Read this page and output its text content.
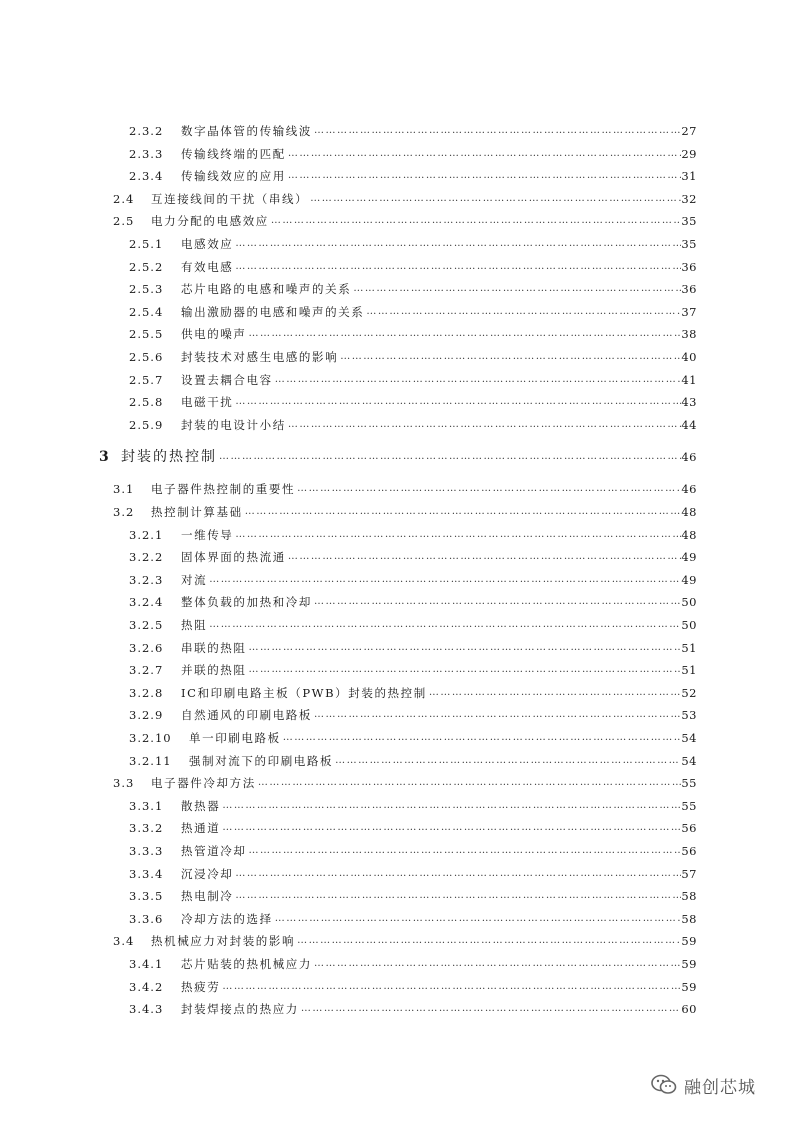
2.3.2	数字晶体管的传输线波 ……………………………………………………………………………………………………………………………………………………………………………………………………………………………………………	27
2.3.3	传输线终端的匹配 ……………………………………………………………………………………………………………………………………………………………………………………………………………………………………………	29
2.3.4	传输线效应的应用 ……………………………………………………………………………………………………………………………………………………………………………………………………………………………………………	31
2.4	互连接线间的干扰（串线） ……………………………………………………………………………………………………………………………………………………………………………………………………………………………………………	32
2.5	电力分配的电感效应 ……………………………………………………………………………………………………………………………………………………………………………………………………………………………………………	35
2.5.1	电感效应 ……………………………………………………………………………………………………………………………………………………………………………………………………………………………………………	35
2.5.2	有效电感 ……………………………………………………………………………………………………………………………………………………………………………………………………………………………………………	36
2.5.3	芯片电路的电感和噪声的关系 ……………………………………………………………………………………………………………………………………………………………………………………………………………………………………………	36
2.5.4	输出激励器的电感和噪声的关系 ……………………………………………………………………………………………………………………………………………………………………………………………………………………………………………	37
2.5.5	供电的噪声 ……………………………………………………………………………………………………………………………………………………………………………………………………………………………………………	38
2.5.6	封装技术对感生电感的影响 ……………………………………………………………………………………………………………………………………………………………………………………………………………………………………………	40
2.5.7	设置去耦合电容 ……………………………………………………………………………………………………………………………………………………………………………………………………………………………………………	41
2.5.8	电磁干扰 ……………………………………………………………………………………………………………………………………………………………………………………………………………………………………………	43
2.5.9	封装的电设计小结 ……………………………………………………………………………………………………………………………………………………………………………………………………………………………………………	44
3 封装的热控制 ……………………………………………………………………………………………………………………………………………………………………………………………………………………………………………	46
3.1	电子器件热控制的重要性 ……………………………………………………………………………………………………………………………………………………………………………………………………………………………………………	46
3.2	热控制计算基础 ……………………………………………………………………………………………………………………………………………………………………………………………………………………………………………	48
3.2.1	一维传导 ……………………………………………………………………………………………………………………………………………………………………………………………………………………………………………	48
3.2.2	固体界面的热流通 ……………………………………………………………………………………………………………………………………………………………………………………………………………………………………………	49
3.2.3	对流 ……………………………………………………………………………………………………………………………………………………………………………………………………………………………………………	49
3.2.4	整体负载的加热和冷却 ……………………………………………………………………………………………………………………………………………………………………………………………………………………………………………	50
3.2.5	热阻 ……………………………………………………………………………………………………………………………………………………………………………………………………………………………………………	50
3.2.6	串联的热阻 ……………………………………………………………………………………………………………………………………………………………………………………………………………………………………………	51
3.2.7	并联的热阻 ……………………………………………………………………………………………………………………………………………………………………………………………………………………………………………	51
3.2.8	IC和印刷电路主板（PWB）封装的热控制 ……………………………………………………………………………………………………………………………………………………………………………………………………………………………………………	52
3.2.9	自然通风的印刷电路板 ……………………………………………………………………………………………………………………………………………………………………………………………………………………………………………	53
3.2.10	单一印刷电路板 ……………………………………………………………………………………………………………………………………………………………………………………………………………………………………………	54
3.2.11	强制对流下的印刷电路板 ……………………………………………………………………………………………………………………………………………………………………………………………………………………………………………	54
3.3	电子器件冷却方法 ……………………………………………………………………………………………………………………………………………………………………………………………………………………………………………	55
3.3.1	散热器 ……………………………………………………………………………………………………………………………………………………………………………………………………………………………………………	55
3.3.2	热通道 ……………………………………………………………………………………………………………………………………………………………………………………………………………………………………………	56
3.3.3	热管道冷却 ……………………………………………………………………………………………………………………………………………………………………………………………………………………………………………	56
3.3.4	沉浸冷却 ……………………………………………………………………………………………………………………………………………………………………………………………………………………………………………	57
3.3.5	热电制冷 ……………………………………………………………………………………………………………………………………………………………………………………………………………………………………………	58
3.3.6	冷却方法的选择 ……………………………………………………………………………………………………………………………………………………………………………………………………………………………………………	58
3.4	热机械应力对封装的影响 ……………………………………………………………………………………………………………………………………………………………………………………………………………………………………………	59
3.4.1	芯片贴装的热机械应力 ……………………………………………………………………………………………………………………………………………………………………………………………………………………………………………	59
3.4.2	热疲劳 ……………………………………………………………………………………………………………………………………………………………………………………………………………………………………………	59
3.4.3	封装焊接点的热应力 ……………………………………………………………………………………………………………………………………………………………………………………………………………………………………………	60
融创芯城
